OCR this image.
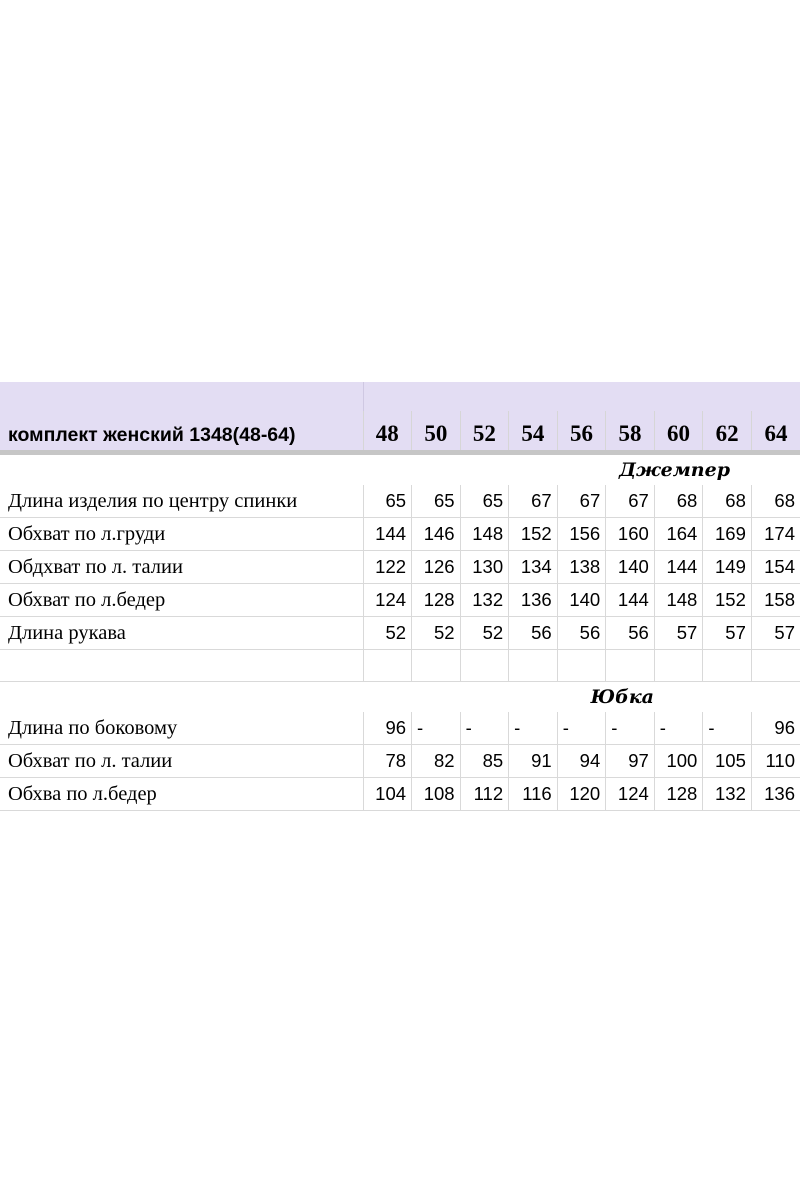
комплект женский 1348(48-64)	48	50	52	54	56	58	60	62	64

Джемпер									
Длина изделия по центру спинки	65	65	65	67	67	67	68	68	68
Обхват по л.груди	144	146	148	152	156	160	164	169	174
Обдхват по л. талии	122	126	130	134	138	140	144	149	154
Обхват по л.бедер	124	128	132	136	140	144	148	152	158
Длина рукава	52	52	52	56	56	56	57	57	57

Юбка									
Длина по боковому	96	-	-	-	-	-	-	-	96
Обхват по л. талии	78	82	85	91	94	97	100	105	110
Обхва по л.бедер	104	108	112	116	120	124	128	132	136
